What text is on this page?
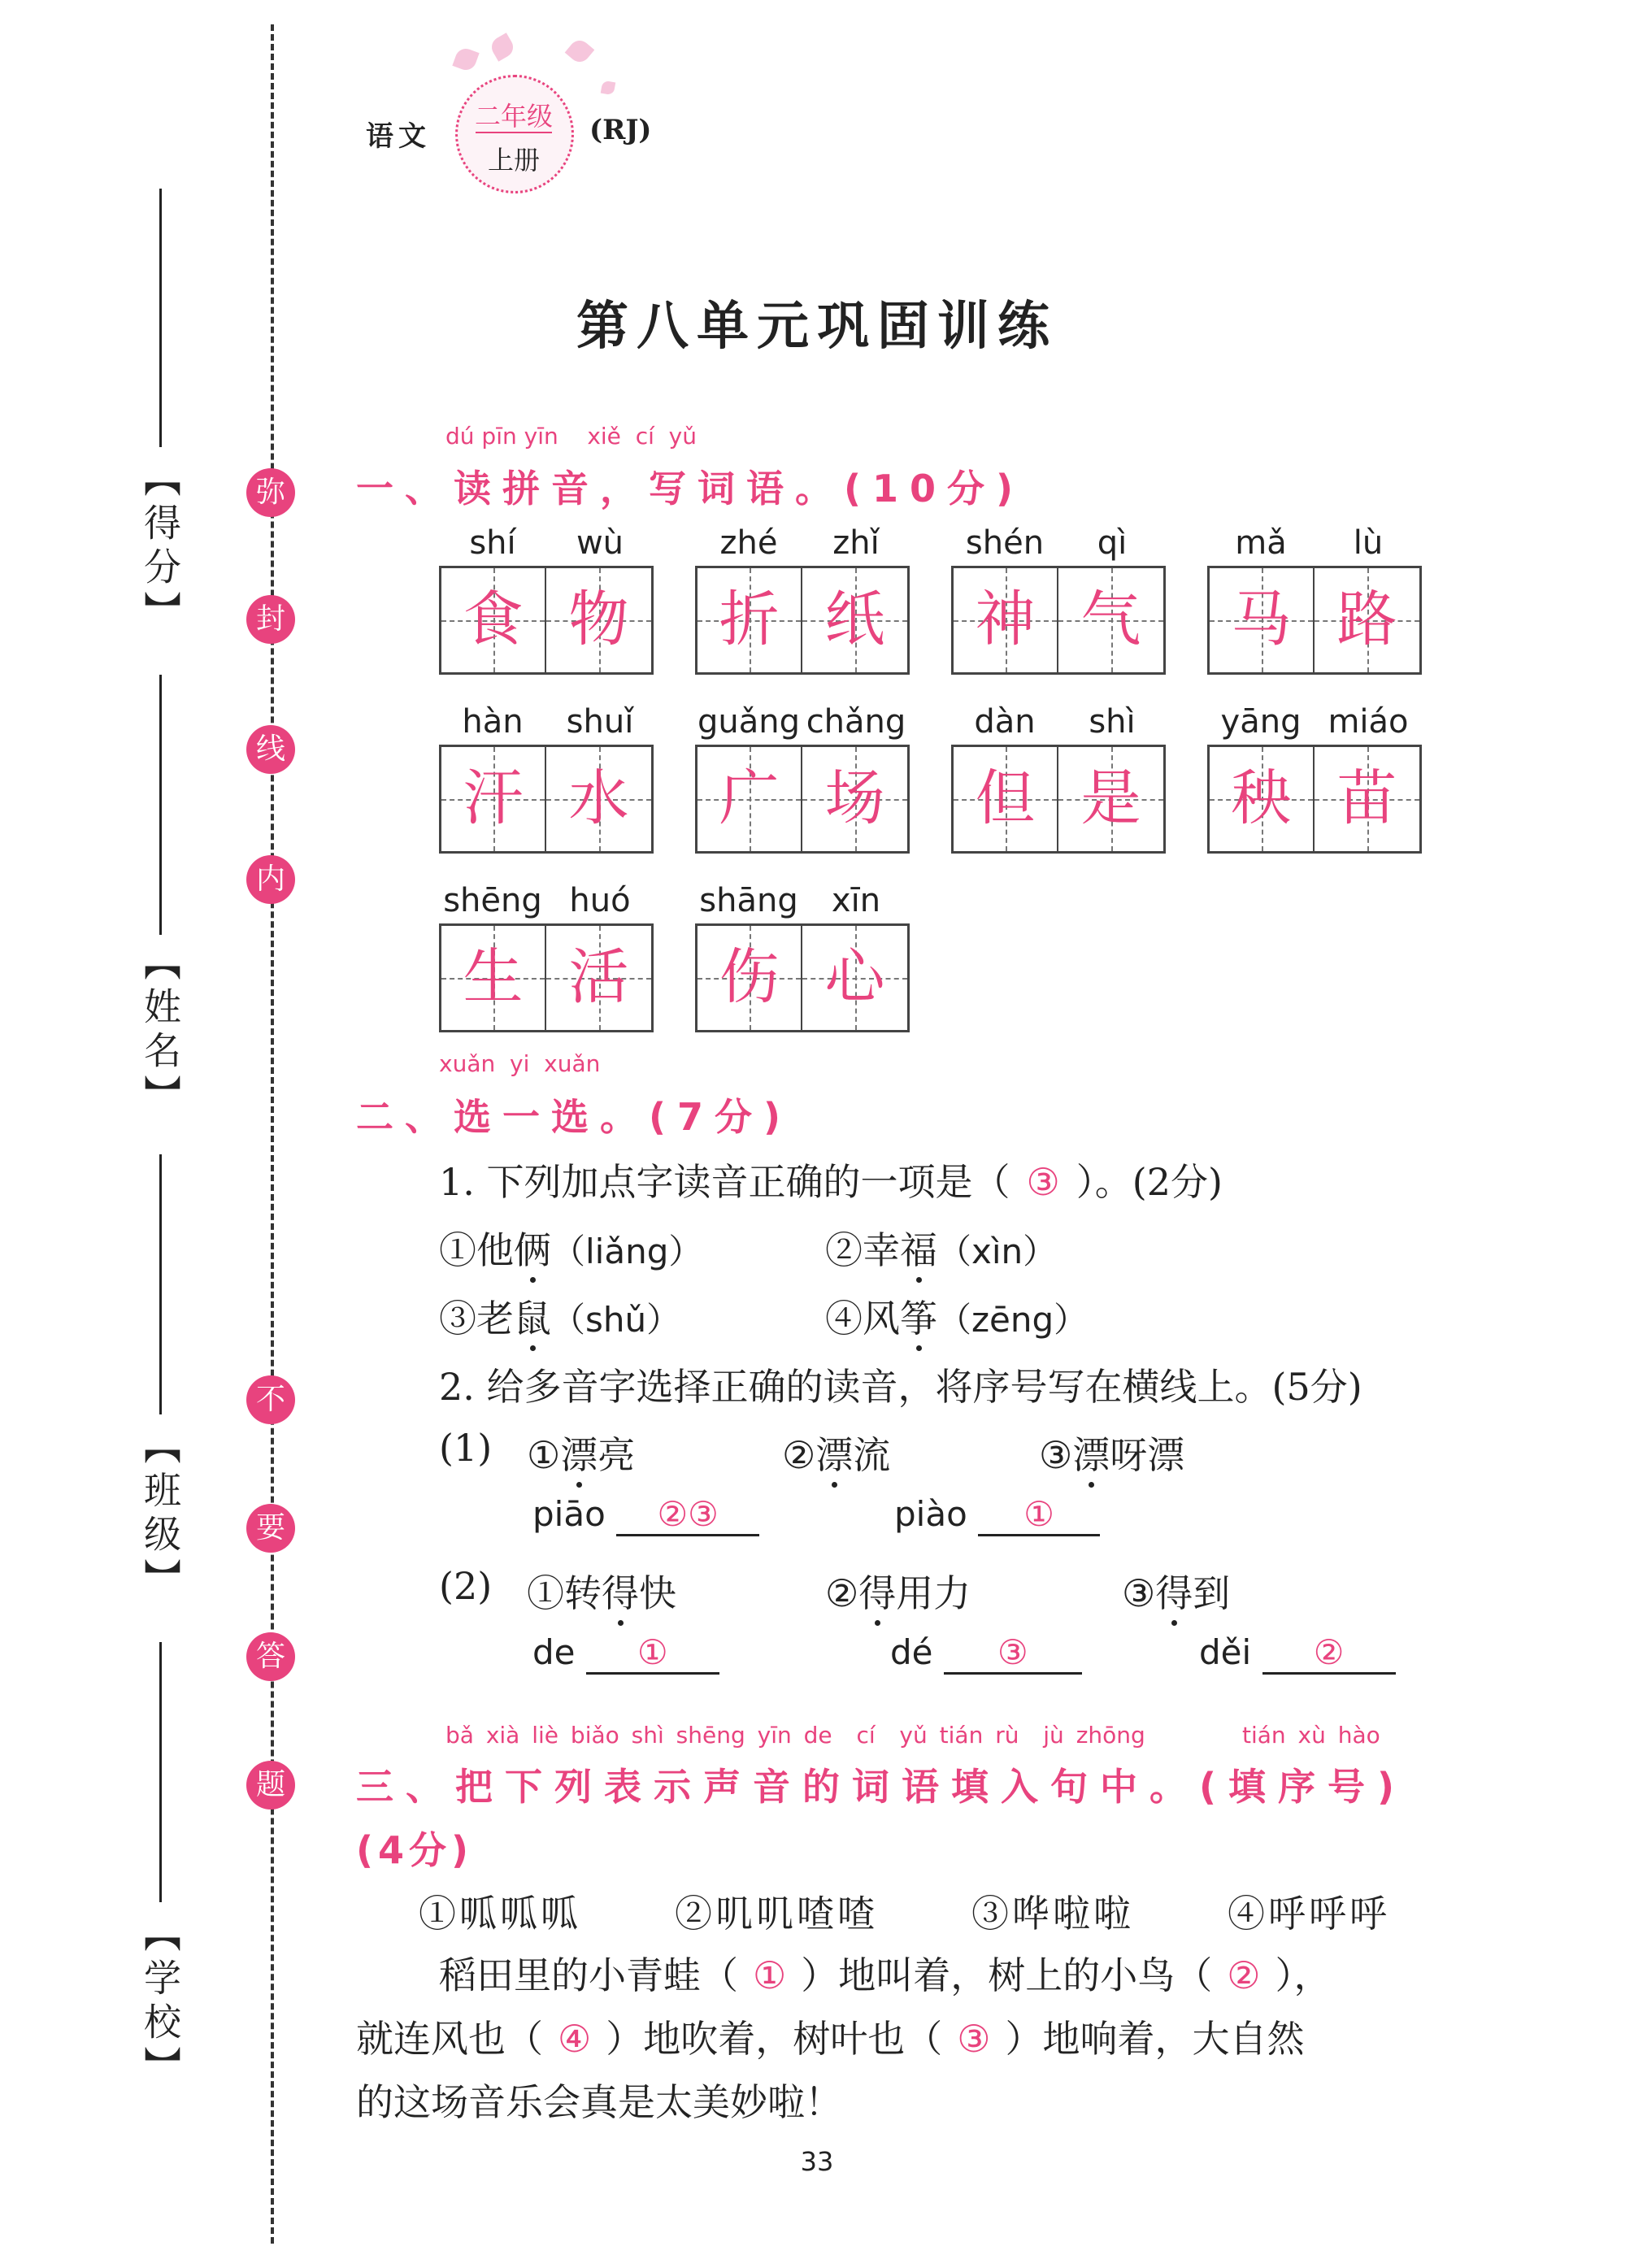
弥
封
线
内
不
要
答
题
【得分】
【姓名】
【班级】
【学校】
语文
二年级
上册
(RJ)
第八单元巩固训练
dú pīn yīn    xiě  cí  yǔ
一、读拼音，写词语。(10分)
shí	wù
食 物
zhé	zhǐ
折 纸
shén	qì
神 气
mǎ	lù
马 路
hàn	shuǐ
汗 水
guǎng chǎng
广 场
dàn	shì
但 是
yāng miáo
秧 苗
shēng huó
生 活
shāng	xīn
伤 心
xuǎn  yi  xuǎn
二、选一选。(7分)
1. 下列加点字读音正确的一项是（ ③ ）。(2分)
①他俩（liǎng）	②幸福（xìn）
③老鼠（shǔ）	④风筝（zēng）
2. 给多音字选择正确的读音，将序号写在横线上。(5分)
(1) ①漂亮	②漂流	③漂呀漂
piāo ②③	piào ①
(2) ①转得快	②得用力	③得到
de ①	dé ③	děi ②
bǎ xià liè biǎo shì shēng yīn de  cí  yǔ tián rù  jù zhōng        tián xù hào
三、把下列表示声音的词语填入句中。(填序号)
(4分)
①呱呱呱	②叽叽喳喳	③哗啦啦	④呼呼呼
稻田里的小青蛙（ ① ）地叫着，树上的小鸟（ ② ），
就连风也（ ④ ）地吹着，树叶也（ ③ ）地响着，大自然
的这场音乐会真是太美妙啦！
33
